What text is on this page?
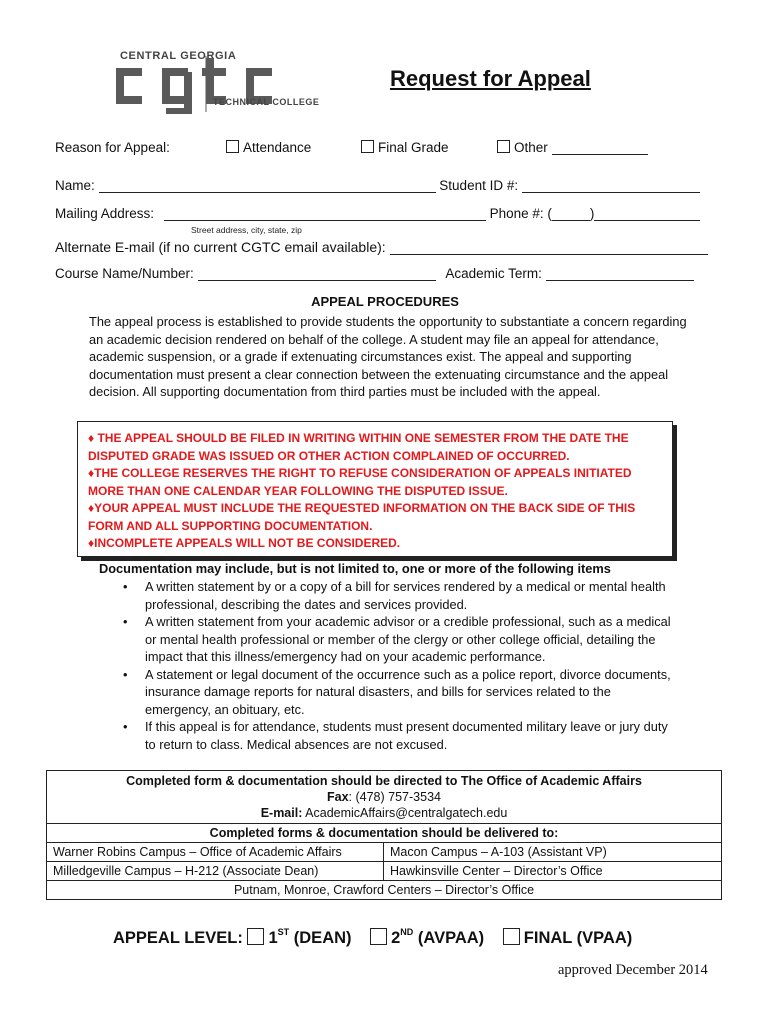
CENTRAL GEORGIA
TECHNICAL COLLEGE
Request for Appeal
Reason for Appeal:	Attendance	Final Grade	Other
Name:	Student ID #:
Mailing Address:	Phone #: (	)
Street address, city, state, zip
Alternate E-mail (if no current CGTC email available):
Course Name/Number:	Academic Term:
APPEAL PROCEDURES
The appeal process is established to provide students the opportunity to substantiate a concern regarding an academic decision rendered on behalf of the college. A student may file an appeal for attendance, academic suspension, or a grade if extenuating circumstances exist. The appeal and supporting documentation must present a clear connection between the extenuating circumstance and the appeal decision. All supporting documentation from third parties must be included with the appeal.
♦ THE APPEAL SHOULD BE FILED IN WRITING WITHIN ONE SEMESTER FROM THE DATE THE DISPUTED GRADE WAS ISSUED OR OTHER ACTION COMPLAINED OF OCCURRED.
♦THE COLLEGE RESERVES THE RIGHT TO REFUSE CONSIDERATION OF APPEALS INITIATED MORE THAN ONE CALENDAR YEAR FOLLOWING THE DISPUTED ISSUE.
♦YOUR APPEAL MUST INCLUDE THE REQUESTED INFORMATION ON THE BACK SIDE OF THIS FORM AND ALL SUPPORTING DOCUMENTATION.
♦INCOMPLETE APPEALS WILL NOT BE CONSIDERED.
Documentation may include, but is not limited to, one or more of the following items
• A written statement by or a copy of a bill for services rendered by a medical or mental health professional, describing the dates and services provided.
• A written statement from your academic advisor or a credible professional, such as a medical or mental health professional or member of the clergy or other college official, detailing the impact that this illness/emergency had on your academic performance.
• A statement or legal document of the occurrence such as a police report, divorce documents, insurance damage reports for natural disasters, and bills for services related to the emergency, an obituary, etc.
• If this appeal is for attendance, students must present documented military leave or jury duty to return to class. Medical absences are not excused.
Completed form & documentation should be directed to The Office of Academic Affairs
Fax: (478) 757-3534
E-mail: AcademicAffairs@centralgatech.edu	

Completed forms & documentation should be delivered to:	
Warner Robins Campus – Office of Academic Affairs	Macon Campus – A-103 (Assistant VP)
Milledgeville Campus – H-212 (Associate Dean)	Hawkinsville Center – Director’s Office
Putnam, Monroe, Crawford Centers – Director’s Office	
APPEAL LEVEL: 1ST (DEAN) 2ND (AVPAA) FINAL (VPAA)
approved December 2014
